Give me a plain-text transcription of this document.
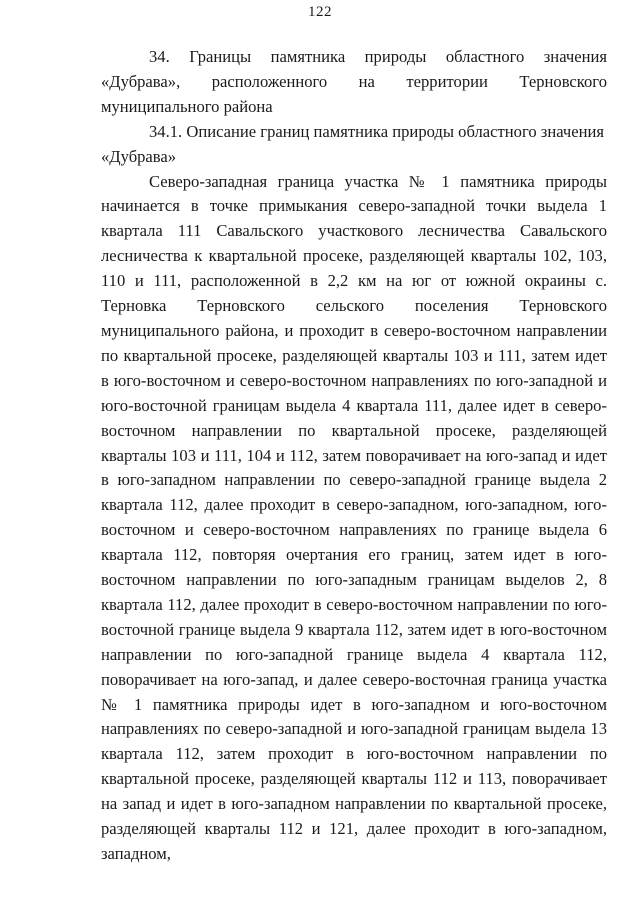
122

34. Границы памятника природы областного значения «Дубрава», расположенного на территории Терновского муниципального района

34.1. Описание границ памятника природы областного значения «Дубрава»

Северо-западная граница участка № 1 памятника природы начинается в точке примыкания северо-западной точки выдела 1 квартала 111 Савальского участкового лесничества Савальского лесничества к квартальной просеке, разделяющей кварталы 102, 103, 110 и 111, расположенной в 2,2 км на юг от южной окраины с. Терновка Терновского сельского поселения Терновского муниципального района, и проходит в северо-восточном направлении по квартальной просеке, разделяющей кварталы 103 и 111, затем идет в юго-восточном и северо-восточном направлениях по юго-западной и юго-восточной границам выдела 4 квартала 111, далее идет в северо-восточном направлении по квартальной просеке, разделяющей кварталы 103 и 111, 104 и 112, затем поворачивает на юго-запад и идет в юго-западном направлении по северо-западной границе выдела 2 квартала 112, далее проходит в северо-западном, юго-западном, юго-восточном и северо-восточном направлениях по границе выдела 6 квартала 112, повторяя очертания его границ, затем идет в юго-восточном направлении по юго-западным границам выделов 2, 8 квартала 112, далее проходит в северо-восточном направлении по юго-восточной границе выдела 9 квартала 112, затем идет в юго-восточном направлении по юго-западной границе выдела 4 квартала 112, поворачивает на юго-запад, и далее северо-восточная граница участка № 1 памятника природы идет в юго-западном и юго-восточном направлениях по северо-западной и юго-западной границам выдела 13 квартала 112, затем проходит в юго-восточном направлении по квартальной просеке, разделяющей кварталы 112 и 113, поворачивает на запад и идет в юго-западном направлении по квартальной просеке, разделяющей кварталы 112 и 121, далее проходит в юго-западном, западном,
